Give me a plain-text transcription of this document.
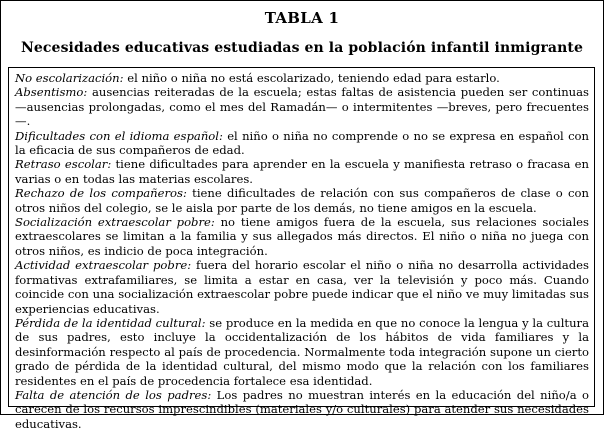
TABLA 1
Necesidades educativas estudiadas en la población infantil inmigrante

No escolarización: el niño o niña no está escolarizado, teniendo edad para estarlo.

Absentismo: ausencias reiteradas de la escuela; estas faltas de asistencia pueden ser continuas —ausencias prolongadas, como el mes del Ramadán— o intermitentes —breves, pero frecuentes—.

Dificultades con el idioma español: el niño o niña no comprende o no se expresa en español con la eficacia de sus compañeros de edad.

Retraso escolar: tiene dificultades para aprender en la escuela y manifiesta retraso o fracasa en varias o en todas las materias escolares.

Rechazo de los compañeros: tiene dificultades de relación con sus compañeros de clase o con otros niños del colegio, se le aisla por parte de los demás, no tiene amigos en la escuela.

Socialización extraescolar pobre: no tiene amigos fuera de la escuela, sus relaciones sociales extraescolares se limitan a la familia y sus allegados más directos. El niño o niña no juega con otros niños, es indicio de poca integración.

Actividad extraescolar pobre: fuera del horario escolar el niño o niña no desarrolla actividades formativas extrafamiliares, se limita a estar en casa, ver la televisión y poco más. Cuando coincide con una socialización extraescolar pobre puede indicar que el niño ve muy limitadas sus experiencias educativas.

Pérdida de la identidad cultural: se produce en la medida en que no conoce la lengua y la cultura de sus padres, esto incluye la occidentalización de los hábitos de vida familiares y la desinformación respecto al país de procedencia. Normalmente toda integración supone un cierto grado de pérdida de la identidad cultural, del mismo modo que la relación con los familiares residentes en el país de procedencia fortalece esa identidad.

Falta de atención de los padres: Los padres no muestran interés en la educación del niño/a o carecen de los recursos imprescindibles (materiales y/o culturales) para atender sus necesidades educativas.
